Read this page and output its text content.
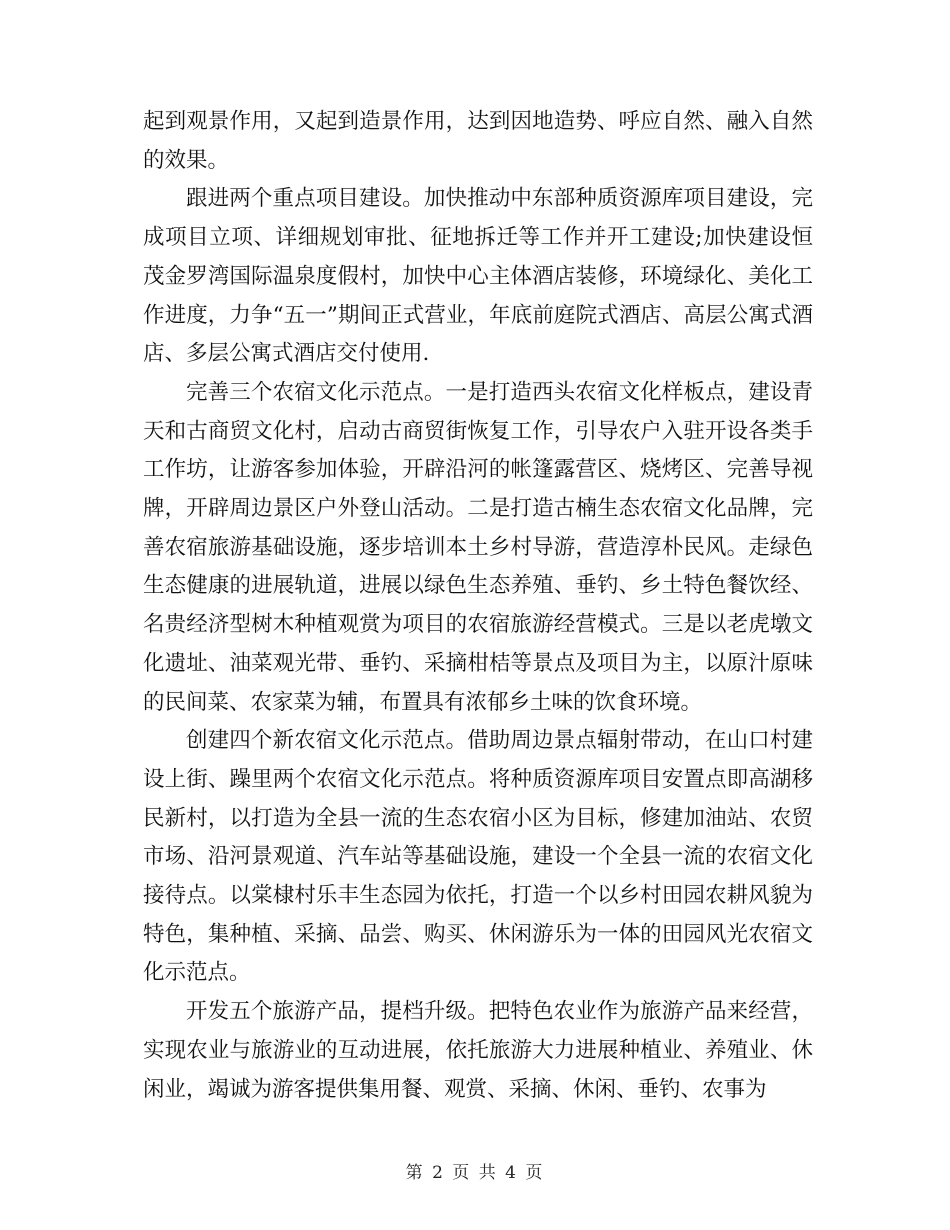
起到观景作用，又起到造景作用，达到因地造势、呼应自然、融入自然的效果。

跟进两个重点项目建设。加快推动中东部种质资源库项目建设，完成项目立项、详细规划审批、征地拆迁等工作并开工建设;加快建设恒茂金罗湾国际温泉度假村，加快中心主体酒店装修，环境绿化、美化工作进度，力争“五一”期间正式营业，年底前庭院式酒店、高层公寓式酒店、多层公寓式酒店交付使用.

完善三个农宿文化示范点。一是打造西头农宿文化样板点，建设青天和古商贸文化村，启动古商贸街恢复工作，引导农户入驻开设各类手工作坊，让游客参加体验，开辟沿河的帐篷露营区、烧烤区、完善导视牌，开辟周边景区户外登山活动。二是打造古楠生态农宿文化品牌，完善农宿旅游基础设施，逐步培训本土乡村导游，营造淳朴民风。走绿色生态健康的进展轨道，进展以绿色生态养殖、垂钓、乡土特色餐饮经、名贵经济型树木种植观赏为项目的农宿旅游经营模式。三是以老虎墩文化遗址、油菜观光带、垂钓、采摘柑桔等景点及项目为主，以原汁原味的民间菜、农家菜为辅，布置具有浓郁乡土味的饮食环境。

创建四个新农宿文化示范点。借助周边景点辐射带动，在山口村建设上街、躁里两个农宿文化示范点。将种质资源库项目安置点即高湖移民新村，以打造为全县一流的生态农宿小区为目标，修建加油站、农贸市场、沿河景观道、汽车站等基础设施，建设一个全县一流的农宿文化接待点。以棠棣村乐丰生态园为依托，打造一个以乡村田园农耕风貌为特色，集种植、采摘、品尝、购买、休闲游乐为一体的田园风光农宿文化示范点。

开发五个旅游产品，提档升级。把特色农业作为旅游产品来经营，实现农业与旅游业的互动进展，依托旅游大力进展种植业、养殖业、休闲业，竭诚为游客提供集用餐、观赏、采摘、休闲、垂钓、农事为

第 2 页 共 4 页
